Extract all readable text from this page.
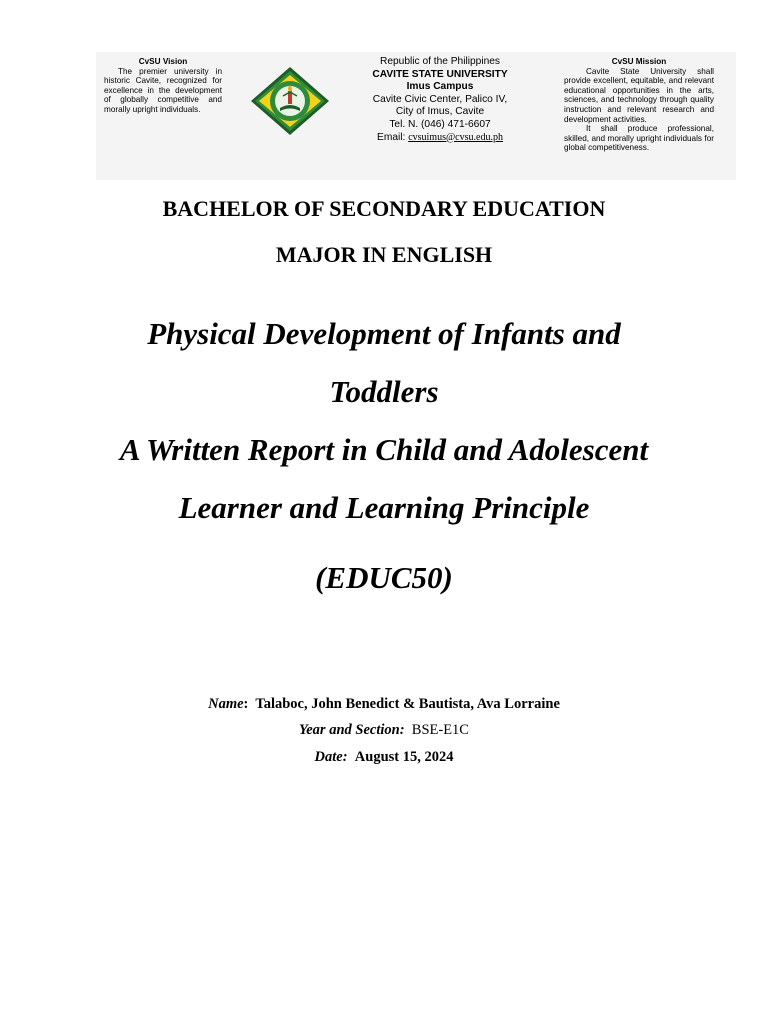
CvSU Vision
The premier university in historic Cavite, recognized for excellence in the development of globally competitive and morally upright individuals.
Republic of the Philippines
CAVITE STATE UNIVERSITY
Imus Campus
Cavite Civic Center, Palico IV,
City of Imus, Cavite
Tel. N. (046) 471-6607
Email: cvsuimus@cvsu.edu.ph
CvSU Mission
Cavite State University shall provide excellent, equitable, and relevant educational opportunities in the arts, sciences, and technology through quality instruction and relevant research and development activities.
It shall produce professional, skilled, and morally upright individuals for global competitiveness.
BACHELOR OF SECONDARY EDUCATION
MAJOR IN ENGLISH
Physical Development of Infants and
Toddlers
A Written Report in Child and Adolescent
Learner and Learning Principle
(EDUC50)
Name:  Talaboc, John Benedict & Bautista, Ava Lorraine
Year and Section: BSE-E1C
Date: August 15, 2024
